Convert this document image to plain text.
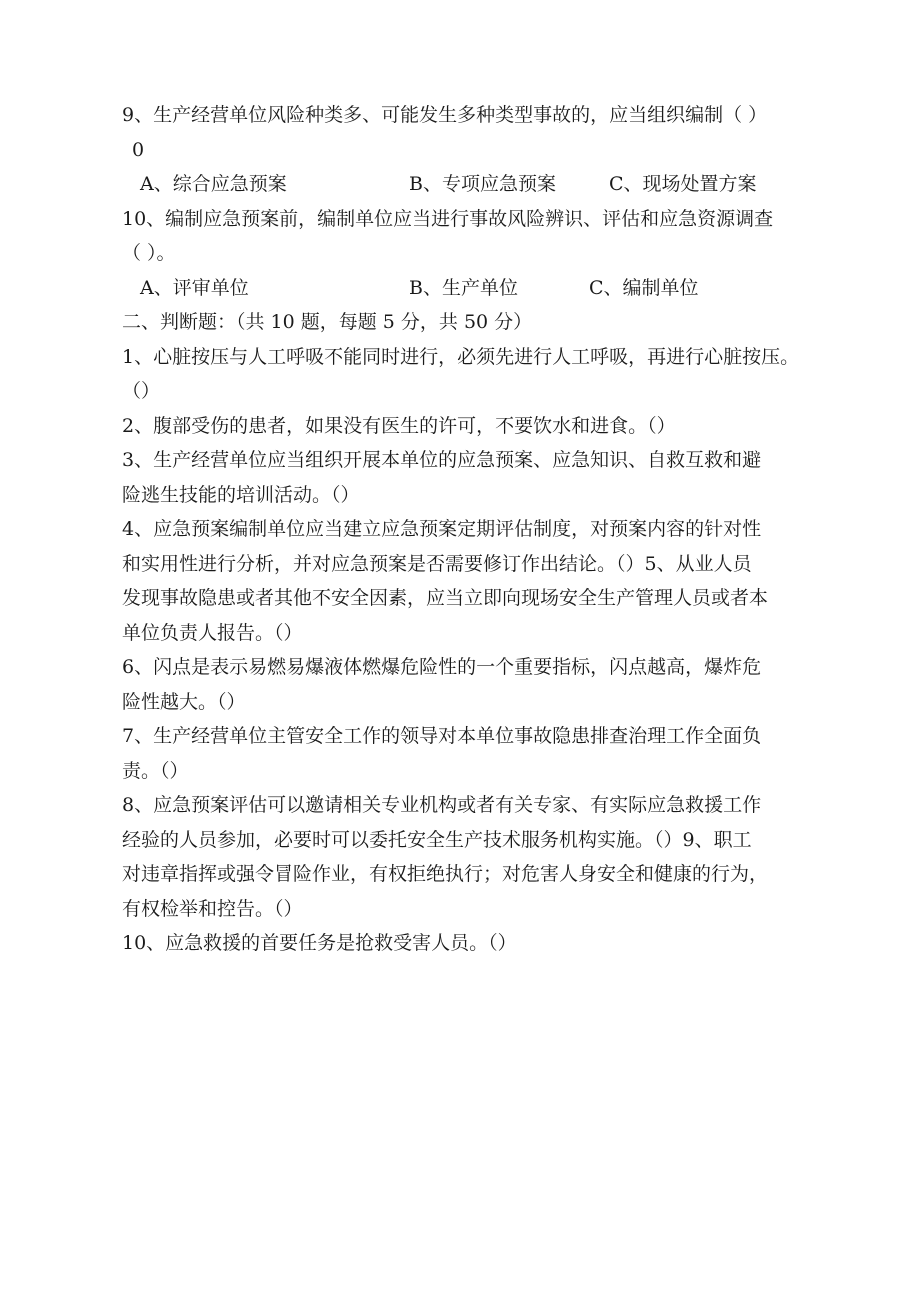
9、生产经营单位风险种类多、可能发生多种类型事故的，应当组织编制（ ）
0
A、综合应急预案	B、专项应急预案	C、现场处置方案
10、编制应急预案前，编制单位应当进行事故风险辨识、评估和应急资源调查
（ ）。
A、评审单位	B、生产单位	C、编制单位
二、判断题：（共 10 题，每题 5 分，共 50 分）
1、心脏按压与人工呼吸不能同时进行，必须先进行人工呼吸，再进行心脏按压。
（）
2、腹部受伤的患者，如果没有医生的许可，不要饮水和进食。（）
3、生产经营单位应当组织开展本单位的应急预案、应急知识、自救互救和避
险逃生技能的培训活动。（）
4、应急预案编制单位应当建立应急预案定期评估制度，对预案内容的针对性
和实用性进行分析，并对应急预案是否需要修订作出结论。（）5、从业人员
发现事故隐患或者其他不安全因素，应当立即向现场安全生产管理人员或者本
单位负责人报告。（）
6、闪点是表示易燃易爆液体燃爆危险性的一个重要指标，闪点越高，爆炸危
险性越大。（）
7、生产经营单位主管安全工作的领导对本单位事故隐患排查治理工作全面负
责。（）
8、应急预案评估可以邀请相关专业机构或者有关专家、有实际应急救援工作
经验的人员参加，必要时可以委托安全生产技术服务机构实施。（）9、职工
对违章指挥或强令冒险作业，有权拒绝执行；对危害人身安全和健康的行为，
有权检举和控告。（）
10、应急救援的首要任务是抢救受害人员。（）
